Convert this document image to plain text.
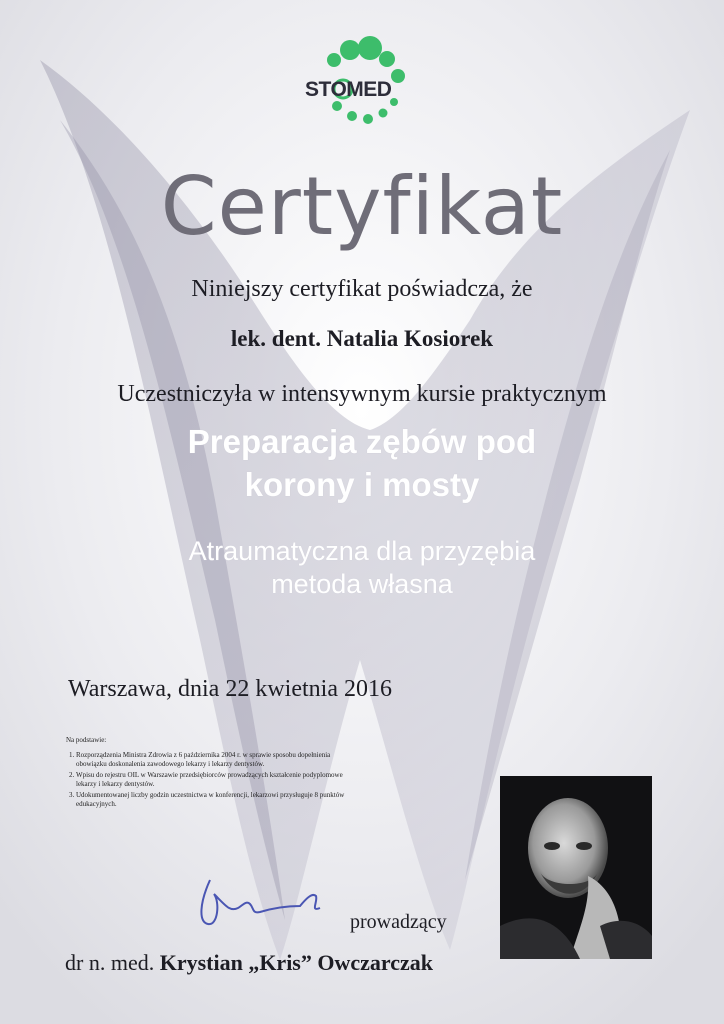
STOMED
Certyfikat
Niniejszy certyfikat poświadcza, że
lek. dent. Natalia Kosiorek
Uczestniczyła w intensywnym kursie praktycznym
Preparacja zębów pod
korony i mosty
Atraumatyczna dla przyzębia
metoda własna
Warszawa, dnia 22 kwietnia 2016
Na podstawie:
1. Rozporządzenia Ministra Zdrowia z 6 października 2004 r. w sprawie sposobu dopełnienia obowiązku doskonalenia zawodowego lekarzy i lekarzy dentystów.
2. Wpisu do rejestru OIL w Warszawie przedsiębiorców prowadzących kształcenie podyplomowe lekarzy i lekarzy dentystów.
3. Udokumentowanej liczby godzin uczestnictwa w konferencji, lekarzowi przysługuje 8 punktów edukacyjnych.
prowadzący
dr n. med. Krystian „Kris” Owczarczak
